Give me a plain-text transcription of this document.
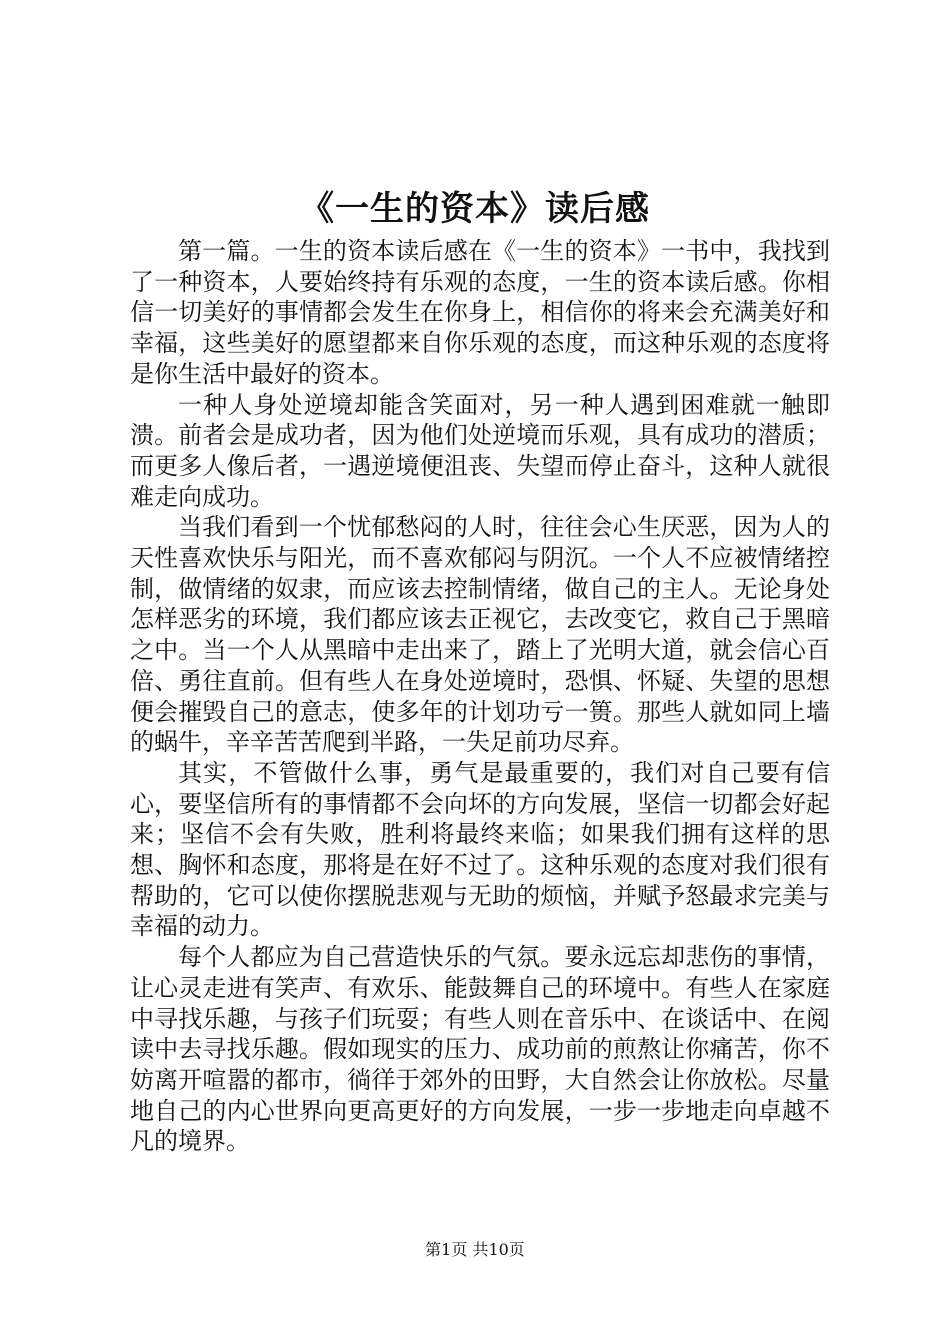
《一生的资本》读后感

第一篇。一生的资本读后感在《一生的资本》一书中，我找到了一种资本，人要始终持有乐观的态度，一生的资本读后感。你相信一切美好的事情都会发生在你身上，相信你的将来会充满美好和幸福，这些美好的愿望都来自你乐观的态度，而这种乐观的态度将是你生活中最好的资本。

一种人身处逆境却能含笑面对，另一种人遇到困难就一触即溃。前者会是成功者，因为他们处逆境而乐观，具有成功的潜质；而更多人像后者，一遇逆境便沮丧、失望而停止奋斗，这种人就很难走向成功。

当我们看到一个忧郁愁闷的人时，往往会心生厌恶，因为人的天性喜欢快乐与阳光，而不喜欢郁闷与阴沉。一个人不应被情绪控制，做情绪的奴隶，而应该去控制情绪，做自己的主人。无论身处怎样恶劣的环境，我们都应该去正视它，去改变它，救自己于黑暗之中。当一个人从黑暗中走出来了，踏上了光明大道，就会信心百倍、勇往直前。但有些人在身处逆境时，恐惧、怀疑、失望的思想便会摧毁自己的意志，使多年的计划功亏一篑。那些人就如同上墙的蜗牛，辛辛苦苦爬到半路，一失足前功尽弃。

其实，不管做什么事，勇气是最重要的，我们对自己要有信心，要坚信所有的事情都不会向坏的方向发展，坚信一切都会好起来；坚信不会有失败，胜利将最终来临；如果我们拥有这样的思想、胸怀和态度，那将是在好不过了。这种乐观的态度对我们很有帮助的，它可以使你摆脱悲观与无助的烦恼，并赋予怒最求完美与幸福的动力。

每个人都应为自己营造快乐的气氛。要永远忘却悲伤的事情，让心灵走进有笑声、有欢乐、能鼓舞自己的环境中。有些人在家庭中寻找乐趣，与孩子们玩耍；有些人则在音乐中、在谈话中、在阅读中去寻找乐趣。假如现实的压力、成功前的煎熬让你痛苦，你不妨离开喧嚣的都市，徜徉于郊外的田野，大自然会让你放松。尽量地自己的内心世界向更高更好的方向发展，一步一步地走向卓越不凡的境界。

第1页 共10页
